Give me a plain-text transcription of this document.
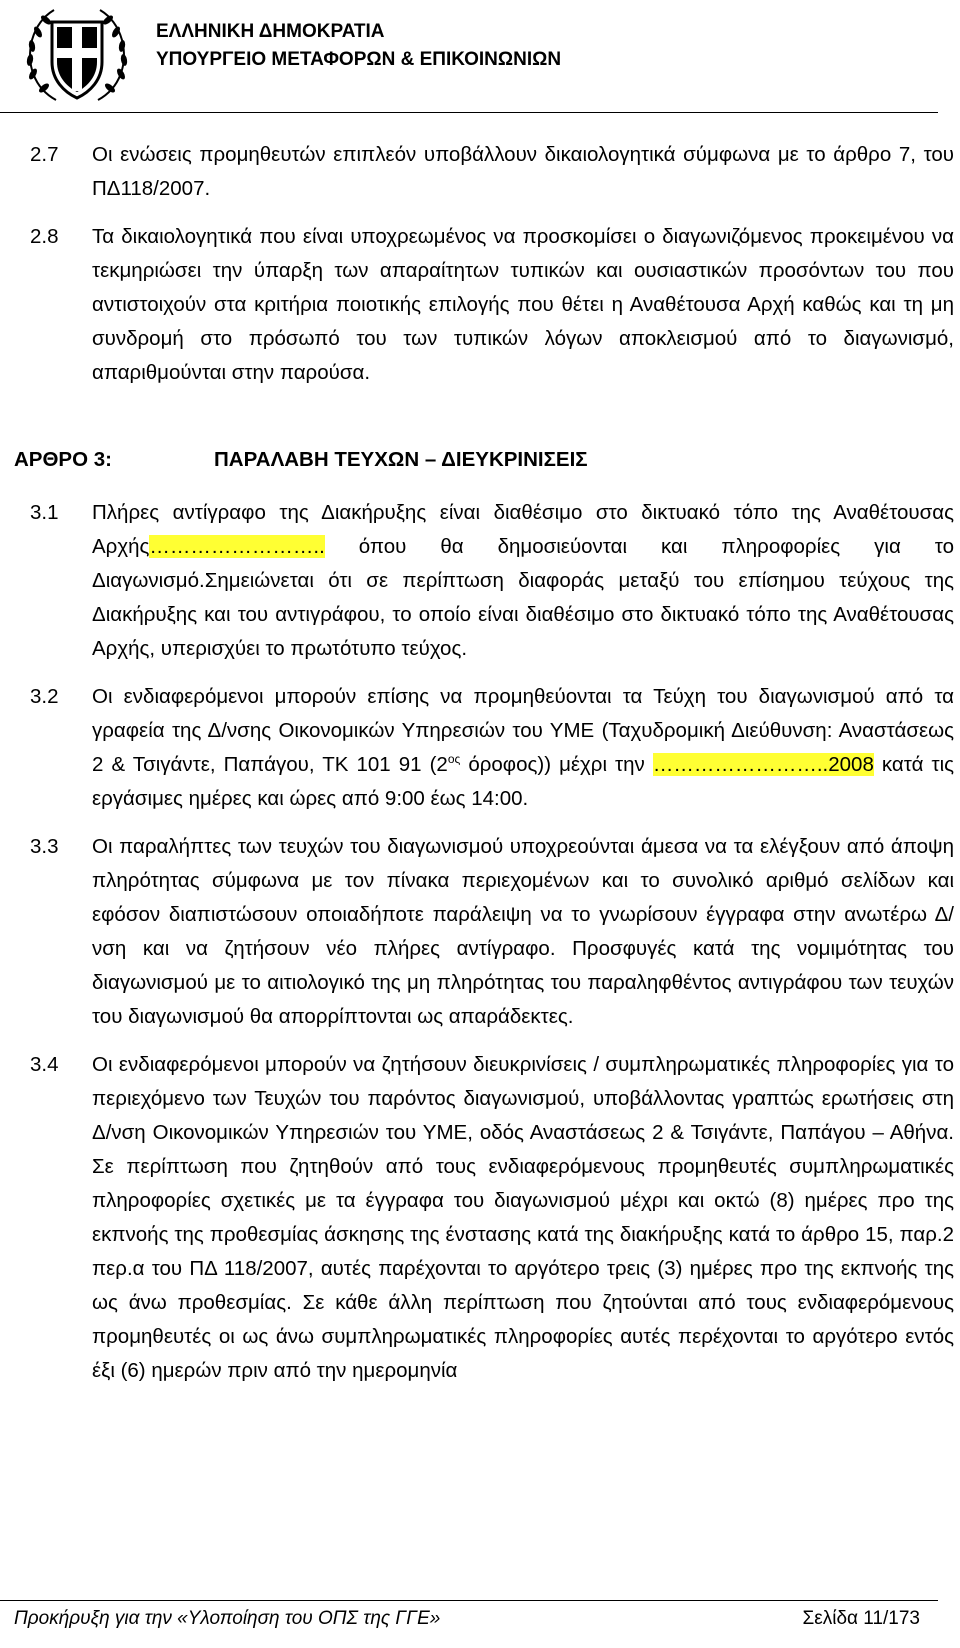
ΕΛΛΗΝΙΚΗ ΔΗΜΟΚΡΑΤΙΑ
ΥΠΟΥΡΓΕΙΟ ΜΕΤΑΦΟΡΩΝ & ΕΠΙΚΟΙΝΩΝΙΩΝ
2.7 Οι ενώσεις προμηθευτών επιπλεόν υποβάλλουν δικαιολογητικά σύμφωνα με το άρθρο 7, του ΠΔ118/2007.
2.8 Τα δικαιολογητικά που είναι υποχρεωμένος να προσκομίσει ο διαγωνιζόμενος προκειμένου να τεκμηριώσει την ύπαρξη των απαραίτητων τυπικών και ουσιαστικών προσόντων του που αντιστοιχούν στα κριτήρια ποιοτικής επιλογής που θέτει η Αναθέτουσα Αρχή καθώς και τη μη συνδρομή στο πρόσωπό του των τυπικών λόγων αποκλεισμού από το διαγωνισμό, απαριθμούνται στην παρούσα.
ΑΡΘΡΟ 3:	ΠΑΡΑΛΑΒΗ ΤΕΥΧΩΝ – ΔΙΕΥΚΡΙΝΙΣΕΙΣ
3.1 Πλήρες αντίγραφο της Διακήρυξης είναι διαθέσιμο στο δικτυακό τόπο της Αναθέτουσας Αρχής…………………….. όπου θα δημοσιεύονται και πληροφορίες για το Διαγωνισμό.Σημειώνεται ότι σε περίπτωση διαφοράς μεταξύ του επίσημου τεύχους της Διακήρυξης και του αντιγράφου, το οποίο είναι διαθέσιμο στο δικτυακό τόπο της Αναθέτουσας Αρχής, υπερισχύει το πρωτότυπο τεύχος.
3.2 Οι ενδιαφερόμενοι μπορούν επίσης να προμηθεύονται τα Τεύχη του διαγωνισμού από τα γραφεία της Δ/νσης Οικονομικών Υπηρεσιών του ΥΜΕ (Ταχυδρομική Διεύθυνση: Αναστάσεως 2 & Τσιγάντε, Παπάγου, ΤΚ 101 91 ($2^{o\varsigma}$ όροφος)) μέχρι την ……………………..2008 κατά τις εργάσιμες ημέρες και ώρες από 9:00 έως 14:00.
3.3 Οι παραλήπτες των τευχών του διαγωνισμού υποχρεούνται άμεσα να τα ελέγξουν από άποψη πληρότητας σύμφωνα με τον πίνακα περιεχομένων και το συνολικό αριθμό σελίδων και εφόσον διαπιστώσουν οποιαδήποτε παράλειψη να το γνωρίσουν έγγραφα στην ανωτέρω Δ/νση και να ζητήσουν νέο πλήρες αντίγραφο. Προσφυγές κατά της νομιμότητας του διαγωνισμού με το αιτιολογικό της μη πληρότητας του παραληφθέντος αντιγράφου των τευχών του διαγωνισμού θα απορρίπτονται ως απαράδεκτες.
3.4 Οι ενδιαφερόμενοι μπορούν να ζητήσουν διευκρινίσεις / συμπληρωματικές πληροφορίες για το περιεχόμενο των Τευχών του παρόντος διαγωνισμού, υποβάλλοντας γραπτώς ερωτήσεις στη Δ/νση Οικονομικών Υπηρεσιών του ΥΜΕ, οδός Αναστάσεως 2 & Τσιγάντε, Παπάγου – Αθήνα. Σε περίπτωση που ζητηθούν από τους ενδιαφερόμενους προμηθευτές συμπληρωματικές πληροφορίες σχετικές με τα έγγραφα του διαγωνισμού μέχρι και οκτώ (8) ημέρες προ της εκπνοής της προθεσμίας άσκησης της ένστασης κατά της διακήρυξης κατά το άρθρο 15, παρ.2 περ.α του ΠΔ 118/2007, αυτές παρέχονται το αργότερο τρεις (3) ημέρες προ της εκπνοής της ως άνω προθεσμίας. Σε κάθε άλλη περίπτωση που ζητούνται από τους ενδιαφερόμενους προμηθευτές οι ως άνω συμπληρωματικές πληροφορίες αυτές περέχονται το αργότερο εντός έξι (6) ημερών πριν από την ημερομηνία
Προκήρυξη για την «Υλοποίηση του ΟΠΣ της ΓΓΕ»	Σελίδα 11/173
